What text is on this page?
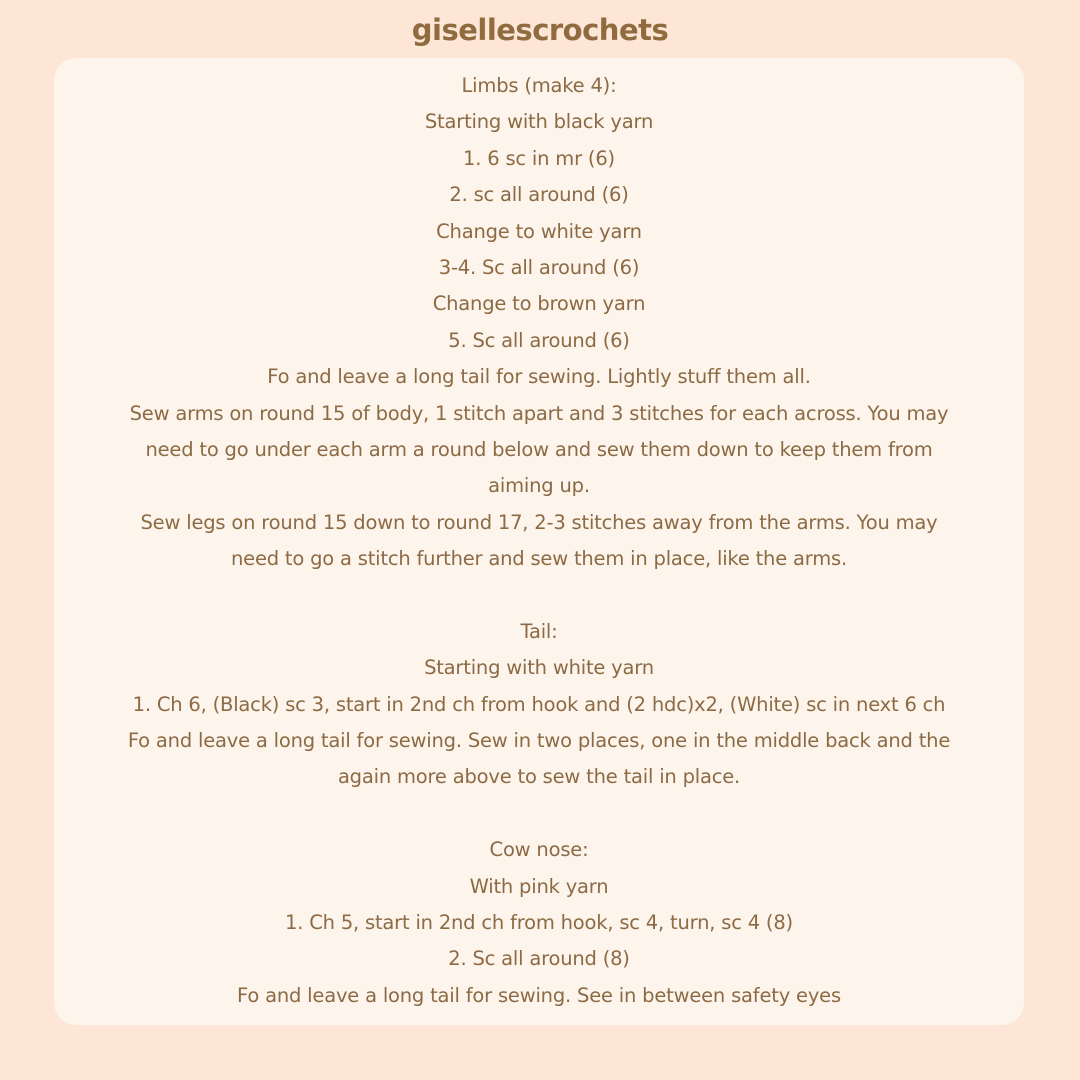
gisellescrochets
Limbs (make 4):
Starting with black yarn
1. 6 sc in mr (6)
2. sc all around (6)
Change to white yarn
3-4. Sc all around (6)
Change to brown yarn
5. Sc all around (6)
Fo and leave a long tail for sewing. Lightly stuff them all.
Sew arms on round 15 of body, 1 stitch apart and 3 stitches for each across. You may
need to go under each arm a round below and sew them down to keep them from
aiming up.
Sew legs on round 15 down to round 17, 2-3 stitches away from the arms. You may
need to go a stitch further and sew them in place, like the arms.
Tail:
Starting with white yarn
1. Ch 6, (Black) sc 3, start in 2nd ch from hook and (2 hdc)x2, (White) sc in next 6 ch
Fo and leave a long tail for sewing. Sew in two places, one in the middle back and the
again more above to sew the tail in place.
Cow nose:
With pink yarn
1. Ch 5, start in 2nd ch from hook, sc 4, turn, sc 4 (8)
2. Sc all around (8)
Fo and leave a long tail for sewing. See in between safety eyes
